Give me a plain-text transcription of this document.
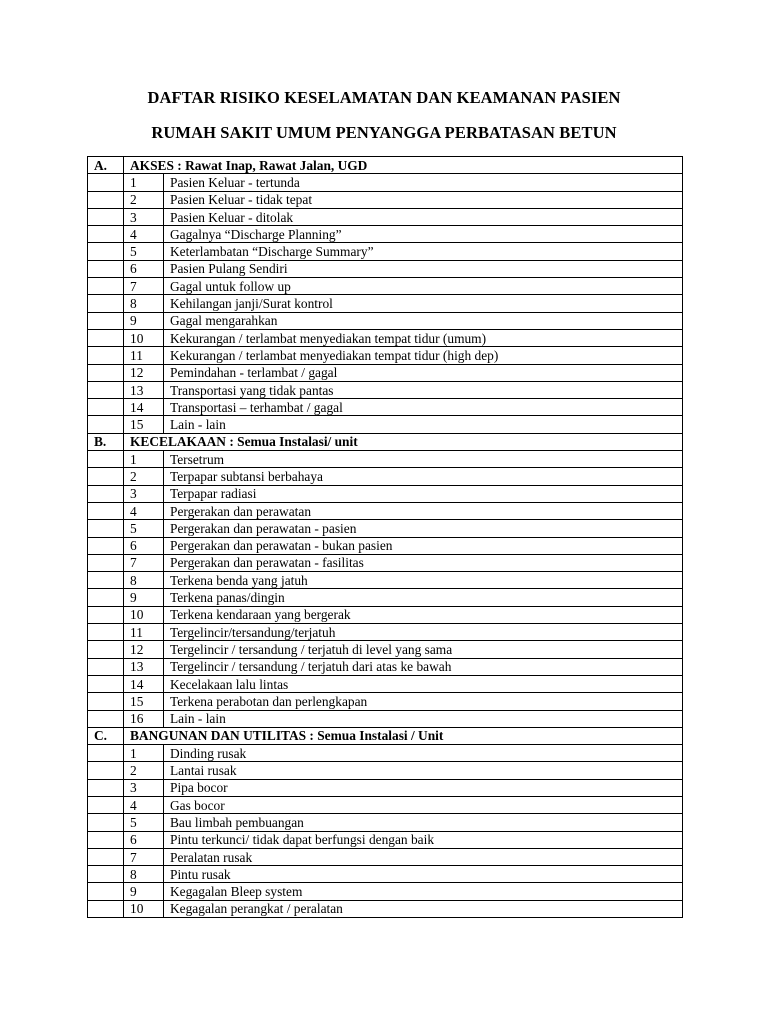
DAFTAR RISIKO KESELAMATAN DAN KEAMANAN PASIEN
RUMAH SAKIT UMUM PENYANGGA PERBATASAN BETUN
A.	AKSES : Rawat Inap, Rawat Jalan, UGD	
	1	Pasien Keluar - tertunda
	2	Pasien Keluar - tidak tepat
	3	Pasien Keluar - ditolak
	4	Gagalnya “Discharge Planning”
	5	Keterlambatan “Discharge Summary”
	6	Pasien Pulang Sendiri
	7	Gagal untuk follow up
	8	Kehilangan janji/Surat kontrol
	9	Gagal mengarahkan
	10	Kekurangan / terlambat menyediakan tempat tidur (umum)
	11	Kekurangan / terlambat menyediakan tempat tidur (high dep)
	12	Pemindahan - terlambat / gagal
	13	Transportasi yang tidak pantas
	14	Transportasi – terhambat / gagal
	15	Lain - lain
B.	KECELAKAAN : Semua Instalasi/ unit	
	1	Tersetrum
	2	Terpapar subtansi berbahaya
	3	Terpapar radiasi
	4	Pergerakan dan perawatan
	5	Pergerakan dan perawatan - pasien
	6	Pergerakan dan perawatan - bukan pasien
	7	Pergerakan dan perawatan - fasilitas
	8	Terkena benda yang jatuh
	9	Terkena panas/dingin
	10	Terkena kendaraan yang bergerak
	11	Tergelincir/tersandung/terjatuh
	12	Tergelincir / tersandung / terjatuh di level yang sama
	13	Tergelincir / tersandung / terjatuh dari atas ke bawah
	14	Kecelakaan lalu lintas
	15	Terkena perabotan dan perlengkapan
	16	Lain - lain
C.	BANGUNAN DAN UTILITAS : Semua Instalasi / Unit	
	1	Dinding rusak
	2	Lantai rusak
	3	Pipa bocor
	4	Gas bocor
	5	Bau limbah pembuangan
	6	Pintu terkunci/ tidak dapat berfungsi dengan baik
	7	Peralatan rusak
	8	Pintu rusak
	9	Kegagalan Bleep system
	10	Kegagalan perangkat / peralatan
